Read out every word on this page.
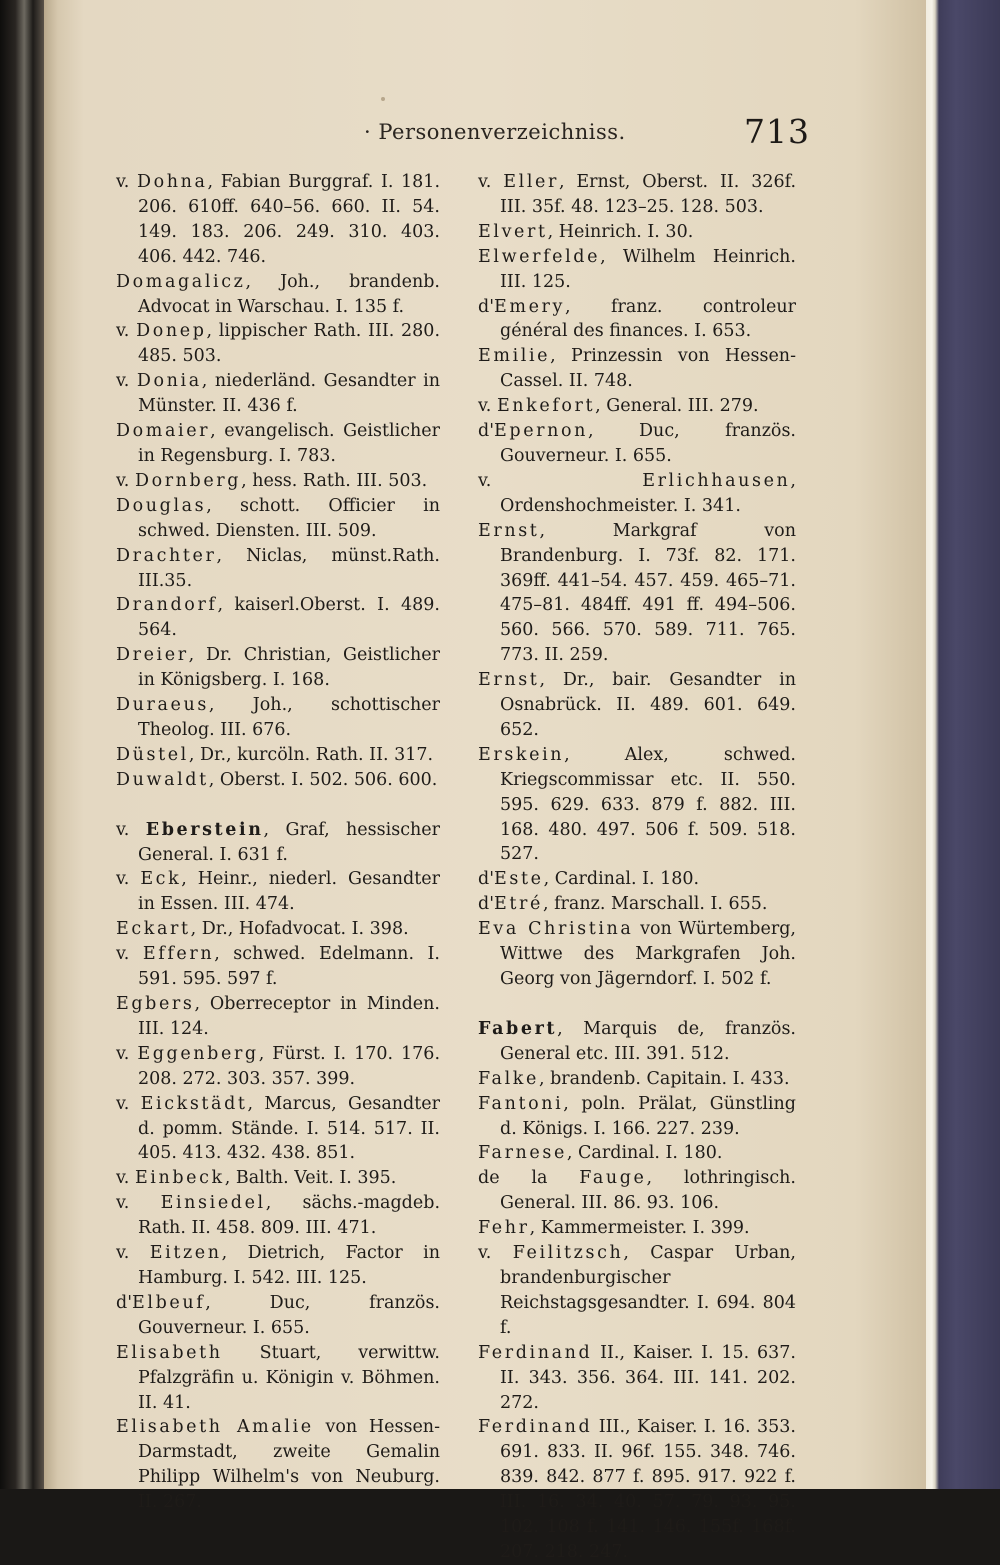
· Personenverzeichniss.	713

v. Dohna, Fabian Burggraf. I. 181. 206. 610ff. 640–56. 660. II. 54. 149. 183. 206. 249. 310. 403. 406. 442. 746.

Domagalicz, Joh., brandenb. Advocat in Warschau. I. 135 f.

v. Donep, lippischer Rath. III. 280. 485. 503.

v. Donia, niederländ. Gesandter in Münster. II. 436 f.

Domaier, evangelisch. Geistlicher in Regensburg. I. 783.

v. Dornberg, hess. Rath. III. 503.

Douglas, schott. Officier in schwed. Diensten. III. 509.

Drachter, Niclas, münst.Rath. III.35.

Drandorf, kaiserl.Oberst. I. 489. 564.

Dreier, Dr. Christian, Geistlicher in Königsberg. I. 168.

Duraeus, Joh., schottischer Theolog. III. 676.

Düstel, Dr., kurcöln. Rath. II. 317.

Duwaldt, Oberst. I. 502. 506. 600.

v. Eberstein, Graf, hessischer General. I. 631 f.

v. Eck, Heinr., niederl. Gesandter in Essen. III. 474.

Eckart, Dr., Hofadvocat. I. 398.

v. Effern, schwed. Edelmann. I. 591. 595. 597 f.

Egbers, Oberreceptor in Minden. III. 124.

v. Eggenberg, Fürst. I. 170. 176. 208. 272. 303. 357. 399.

v. Eickstädt, Marcus, Gesandter d. pomm. Stände. I. 514. 517. II. 405. 413. 432. 438. 851.

v. Einbeck, Balth. Veit. I. 395.

v. Einsiedel, sächs.-magdeb. Rath. II. 458. 809. III. 471.

v. Eitzen, Dietrich, Factor in Hamburg. I. 542. III. 125.

d'Elbeuf, Duc, französ. Gouverneur. I. 655.

Elisabeth Stuart, verwittw. Pfalzgräfin u. Königin v. Böhmen. II. 41.

Elisabeth Amalie von Hessen-Darmstadt, zweite Gemalin Philipp Wilhelm's von Neuburg. II. 267.

v. Eller, Ernst, Oberst. II. 326f. III. 35f. 48. 123–25. 128. 503.

Elvert, Heinrich. I. 30.

Elwerfelde, Wilhelm Heinrich. III. 125.

d'Emery, franz. controleur général des finances. I. 653.

Emilie, Prinzessin von Hessen-Cassel. II. 748.

v. Enkefort, General. III. 279.

d'Epernon, Duc, französ. Gouverneur. I. 655.

v. Erlichhausen, Ordenshochmeister. I. 341.

Ernst, Markgraf von Brandenburg. I. 73f. 82. 171. 369ff. 441–54. 457. 459. 465–71. 475–81. 484ff. 491 ff. 494–506. 560. 566. 570. 589. 711. 765. 773. II. 259.

Ernst, Dr., bair. Gesandter in Osnabrück. II. 489. 601. 649. 652.

Erskein, Alex, schwed. Kriegscommissar etc. II. 550. 595. 629. 633. 879 f. 882. III. 168. 480. 497. 506 f. 509. 518. 527.

d'Este, Cardinal. I. 180.

d'Etré, franz. Marschall. I. 655.

Eva Christina von Würtemberg, Wittwe des Markgrafen Joh. Georg von Jägerndorf. I. 502 f.

Fabert, Marquis de, französ. General etc. III. 391. 512.

Falke, brandenb. Capitain. I. 433.

Fantoni, poln. Prälat, Günstling d. Königs. I. 166. 227. 239.

Farnese, Cardinal. I. 180.

de la Fauge, lothringisch. General. III. 86. 93. 106.

Fehr, Kammermeister. I. 399.

v. Feilitzsch, Caspar Urban, brandenburgischer Reichstagsgesandter. I. 694. 804 f.

Ferdinand II., Kaiser. I. 15. 637. II. 343. 356. 364. III. 141. 202. 272.

Ferdinand III., Kaiser. I. 16. 353. 691. 833. II. 96f. 155. 348. 746. 839. 842. 877 f. 895. 917. 922 f. III. 16. 34. 40. 57. 79. 93. 95. 102. 108 f. 141. 146. 155f. 168f. 207. 218. 247.
